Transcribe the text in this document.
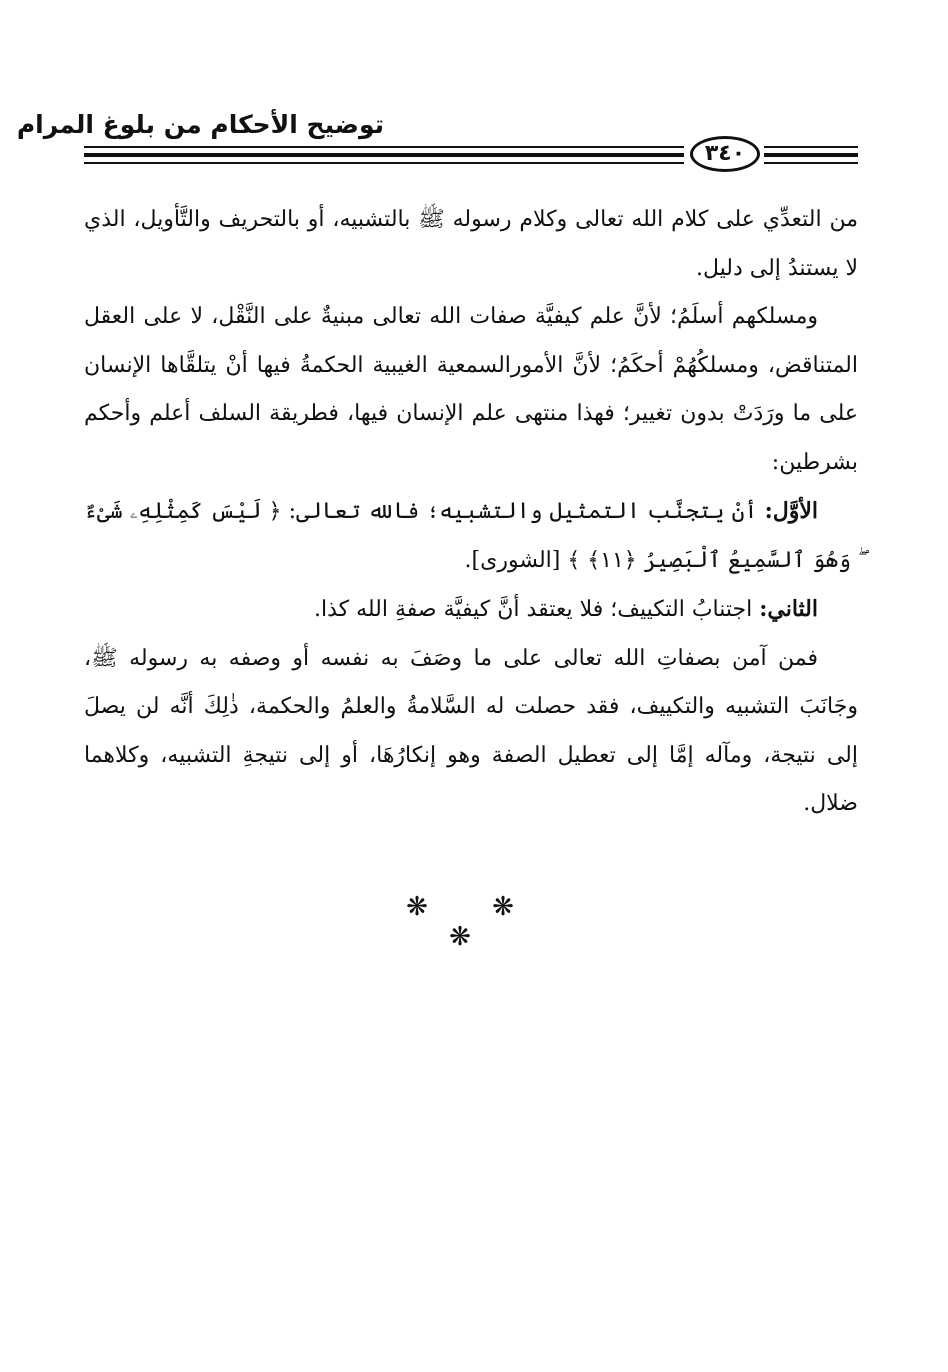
توضيح الأحكام من بلوغ المرام
٣٤٠

من التعدِّي على كلام الله تعالى وكلام رسوله ﷺ بالتشبيه، أو بالتحريف والتَّأويل، الذي لا يستندُ إلى دليل.

ومسلكهم أسلَمُ؛ لأنَّ علم كيفيَّة صفات الله تعالى مبنيةٌ على النَّقْل، لا على العقل المتناقض، ومسلكُهُمْ أحكَمُ؛ لأنَّ الأمورالسمعية الغيبية الحكمةُ فيها أنْ يتلقَّاها الإنسان على ما ورَدَتْ بدون تغيير؛ فهذا منتهى علم الإنسان فيها، فطريقة السلف أعلم وأحكم بشرطين:

الأوَّل: أنْ يتجنَّب التمثيل والتشبيه؛ فالله تعالى: ﴿ لَيْسَ كَمِثْلِهِۦ شَىْءٌ ۖ وَهُوَ ٱلسَّمِيعُ ٱلْبَصِيرُ ﴿١١﴾ ﴾ [الشورى].

الثاني: اجتنابُ التكييف؛ فلا يعتقد أنَّ كيفيَّة صفةِ الله كذا.

فمن آمن بصفاتِ الله تعالى على ما وصَفَ به نفسه أو وصفه به رسوله ﷺ، وجَانَبَ التشبيه والتكييف، فقد حصلت له السَّلامةُ والعلمُ والحكمة، ذٰلِكَ أنَّه لن يصلَ إلى نتيجة، ومآله إمَّا إلى تعطيل الصفة وهو إنكارُهَا، أو إلى نتيجةِ التشبيه، وكلاهما ضلال.

❋ ❋ ❋
